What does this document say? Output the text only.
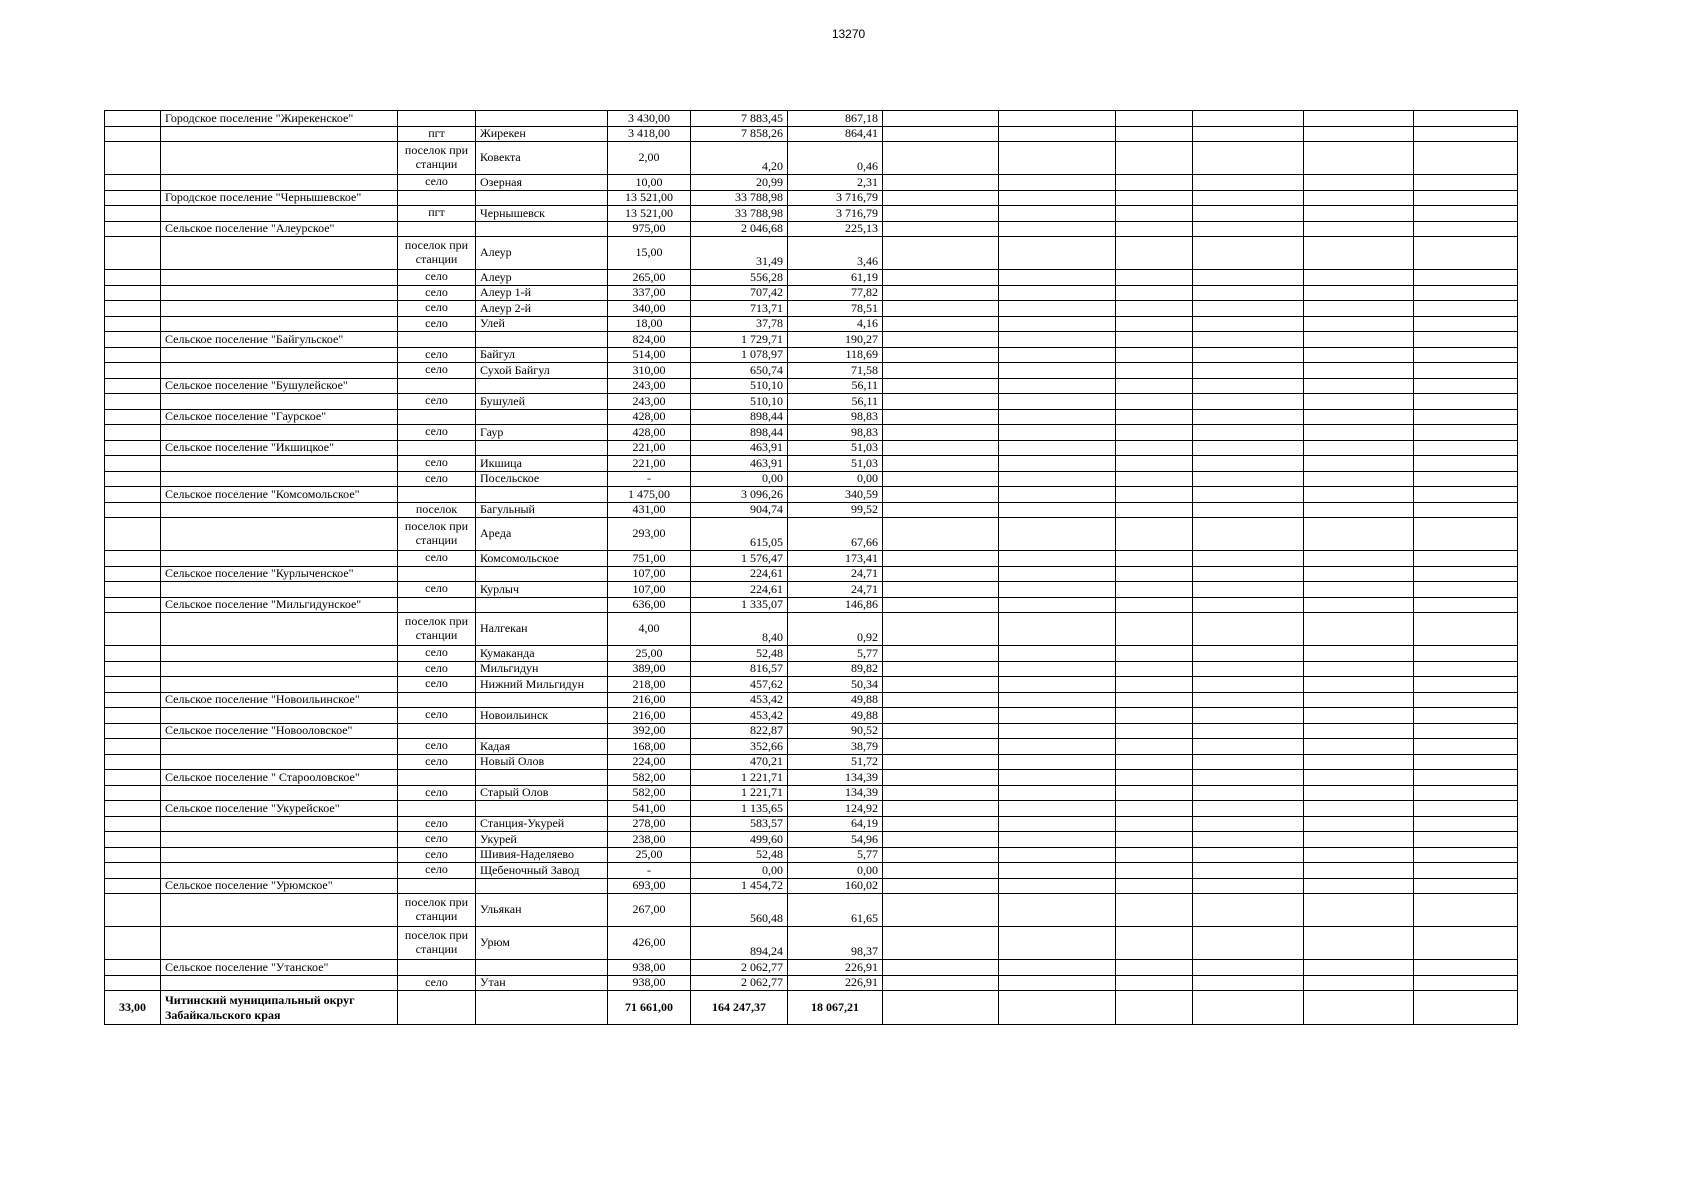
13270
	Городское поселение "Жирекенское"			3 430,00	7 883,45	867,18						
		пгт	Жирекен	3 418,00	7 858,26	864,41						
		поселок при станции	Ковекта	2,00	4,20	0,46						
		село	Озерная	10,00	20,99	2,31						
	Городское поселение "Чернышевское"			13 521,00	33 788,98	3 716,79						
		пгт	Чернышевск	13 521,00	33 788,98	3 716,79						
	Сельское поселение "Алеурское"			975,00	2 046,68	225,13						
		поселок при станции	Алеур	15,00	31,49	3,46						
		село	Алеур	265,00	556,28	61,19						
		село	Алеур 1-й	337,00	707,42	77,82						
		село	Алеур 2-й	340,00	713,71	78,51						
		село	Улей	18,00	37,78	4,16						
	Сельское поселение "Байгульское"			824,00	1 729,71	190,27						
		село	Байгул	514,00	1 078,97	118,69						
		село	Сухой Байгул	310,00	650,74	71,58						
	Сельское поселение "Бушулейское"			243,00	510,10	56,11						
		село	Бушулей	243,00	510,10	56,11						
	Сельское поселение "Гаурское"			428,00	898,44	98,83						
		село	Гаур	428,00	898,44	98,83						
	Сельское поселение "Икшицкое"			221,00	463,91	51,03						
		село	Икшица	221,00	463,91	51,03						
		село	Посельское	-	0,00	0,00						
	Сельское поселение "Комсомольское"			1 475,00	3 096,26	340,59						
		поселок	Багульный	431,00	904,74	99,52						
		поселок при станции	Ареда	293,00	615,05	67,66						
		село	Комсомольское	751,00	1 576,47	173,41						
	Сельское поселение "Курлыченское"			107,00	224,61	24,71						
		село	Курлыч	107,00	224,61	24,71						
	Сельское поселение "Мильгидунское"			636,00	1 335,07	146,86						
		поселок при станции	Налгекан	4,00	8,40	0,92						
		село	Кумаканда	25,00	52,48	5,77						
		село	Мильгидун	389,00	816,57	89,82						
		село	Нижний Мильгидун	218,00	457,62	50,34						
	Сельское поселение "Новоильинское"			216,00	453,42	49,88						
		село	Новоильинск	216,00	453,42	49,88						
	Сельское поселение "Новооловское"			392,00	822,87	90,52						
		село	Кадая	168,00	352,66	38,79						
		село	Новый Олов	224,00	470,21	51,72						
	Сельское поселение " Старооловское"			582,00	1 221,71	134,39						
		село	Старый Олов	582,00	1 221,71	134,39						
	Сельское поселение "Укурейское"			541,00	1 135,65	124,92						
		село	Станция-Укурей	278,00	583,57	64,19						
		село	Укурей	238,00	499,60	54,96						
		село	Шивия-Наделяево	25,00	52,48	5,77						
		село	Щебеночный Завод	-	0,00	0,00						
	Сельское поселение "Урюмское"			693,00	1 454,72	160,02						
		поселок при станции	Ульякан	267,00	560,48	61,65						
		поселок при станции	Урюм	426,00	894,24	98,37						
	Сельское поселение "Утанское"			938,00	2 062,77	226,91						
		село	Утан	938,00	2 062,77	226,91						
33,00	Читинский муниципальный округ Забайкальского края			71 661,00	164 247,37	18 067,21						
